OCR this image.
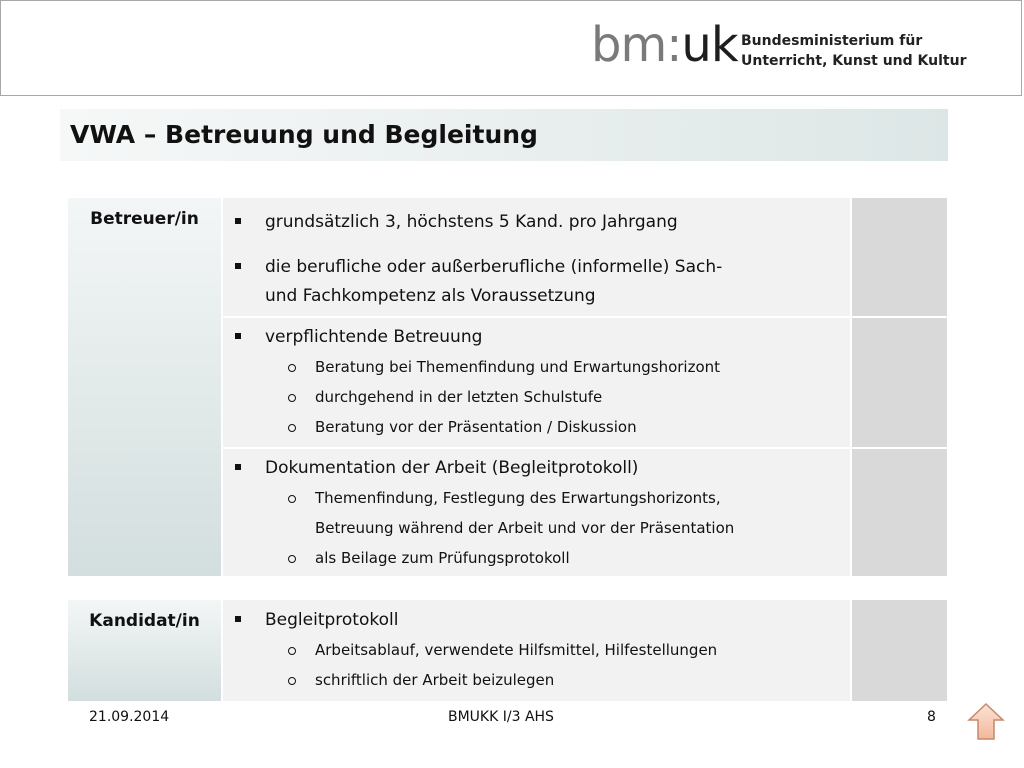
bm:uk Bundesministerium für
Unterricht, Kunst und Kultur
VWA – Betreuung und Begleitung
Betreuer/in	grundsätzlich 3, höchstens 5 Kand. pro Jahrgang
die berufliche oder außerberufliche (informelle) Sach-
und Fachkompetenz als Voraussetzung
verpflichtende Betreuung
Beratung bei Themenfindung und Erwartungshorizont
durchgehend in der letzten Schulstufe
Beratung vor der Präsentation / Diskussion
Dokumentation der Arbeit (Begleitprotokoll)
Themenfindung, Festlegung des Erwartungshorizonts,
Betreuung während der Arbeit und vor der Präsentation
als Beilage zum Prüfungsprotokoll
Kandidat/in	Begleitprotokoll
Arbeitsablauf, verwendete Hilfsmittel, Hilfestellungen
schriftlich der Arbeit beizulegen
21.09.2014	BMUKK I/3 AHS	8
